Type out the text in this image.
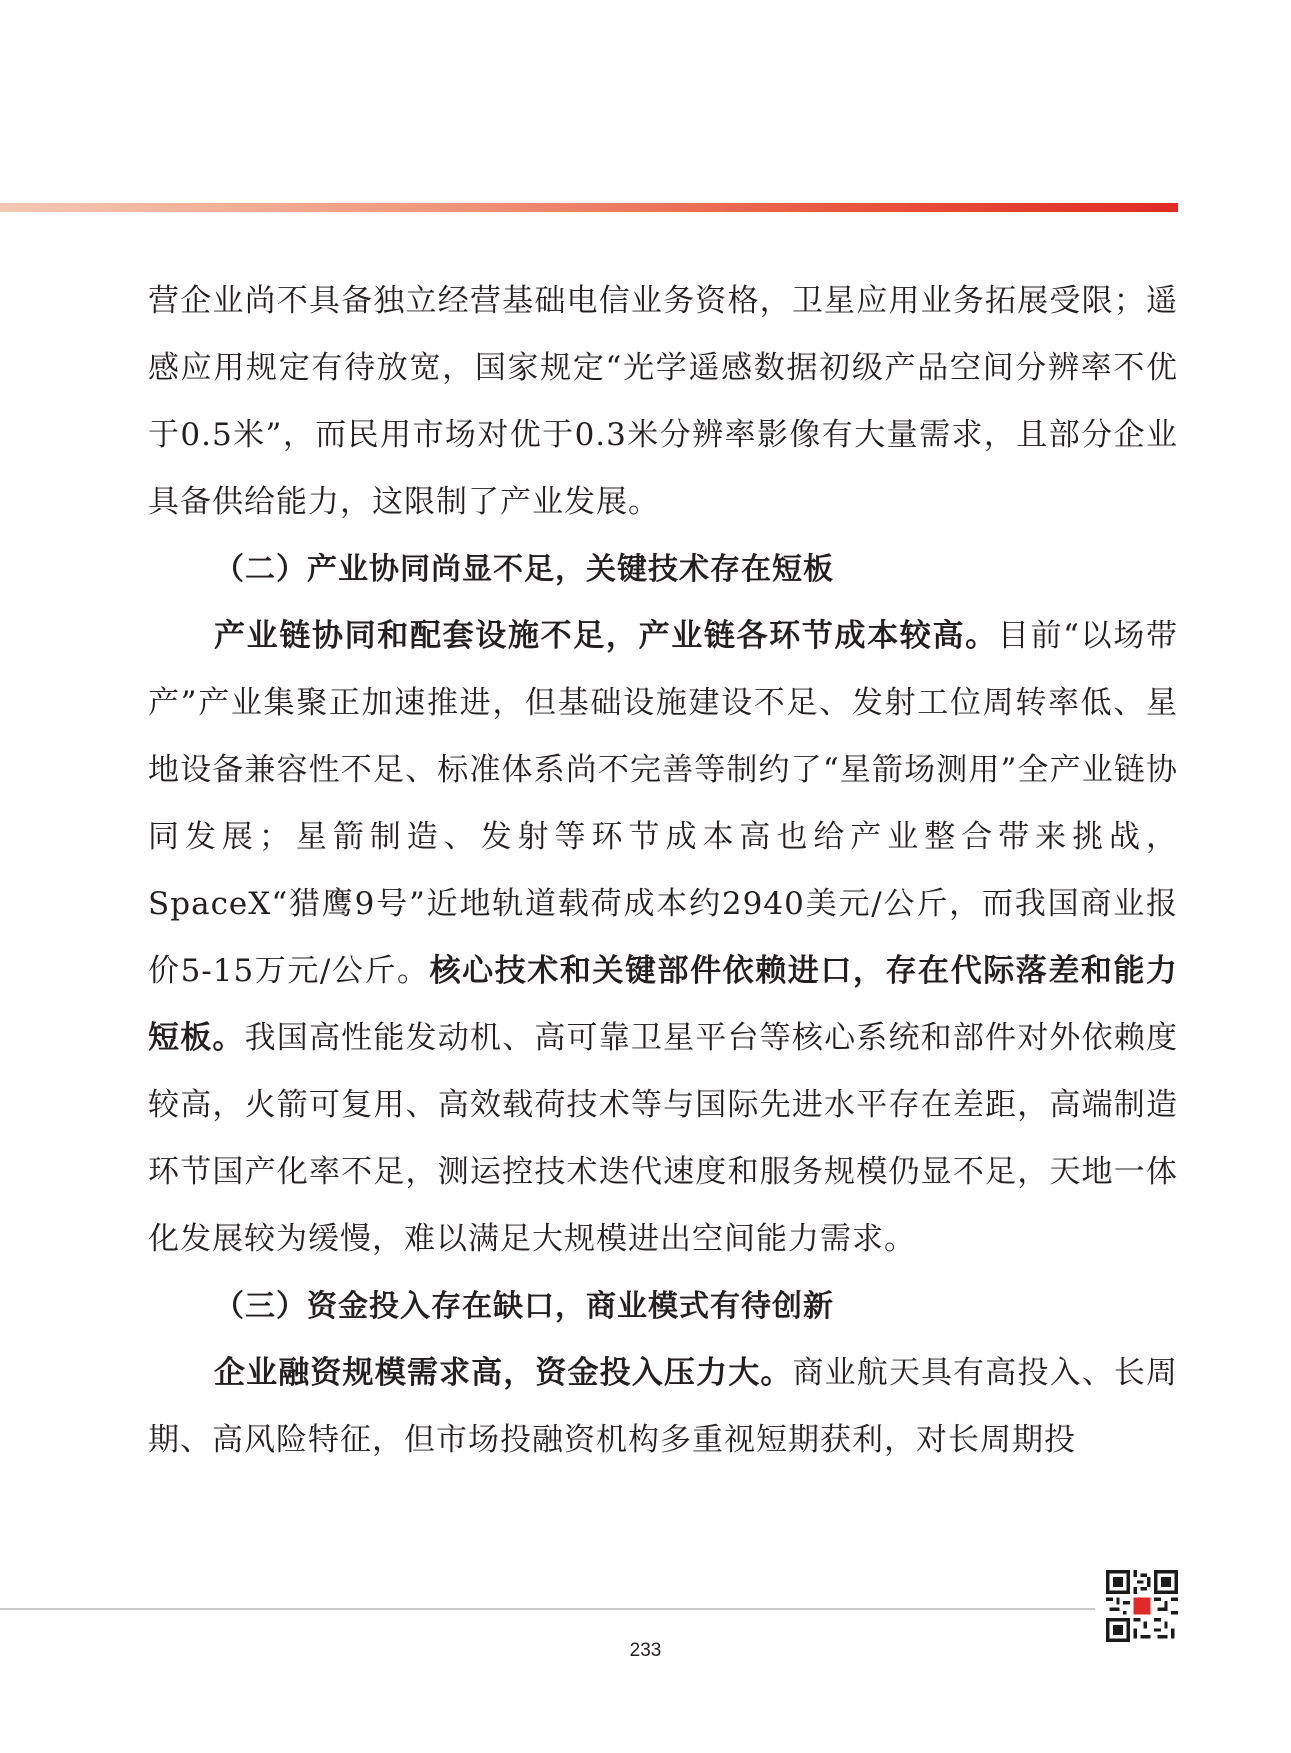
营企业尚不具备独立经营基础电信业务资格，卫星应用业务拓展受限；遥感应用规定有待放宽，国家规定“光学遥感数据初级产品空间分辨率不优于0.5米”，而民用市场对优于0.3米分辨率影像有大量需求，且部分企业具备供给能力，这限制了产业发展。

（二）产业协同尚显不足，关键技术存在短板

产业链协同和配套设施不足，产业链各环节成本较高。目前“以场带产”产业集聚正加速推进，但基础设施建设不足、发射工位周转率低、星地设备兼容性不足、标准体系尚不完善等制约了“星箭场测用”全产业链协同发展；星箭制造、发射等环节成本高也给产业整合带来挑战，SpaceX“猎鹰9号”近地轨道载荷成本约2940美元/公斤，而我国商业报价5-15万元/公斤。核心技术和关键部件依赖进口，存在代际落差和能力短板。我国高性能发动机、高可靠卫星平台等核心系统和部件对外依赖度较高，火箭可复用、高效载荷技术等与国际先进水平存在差距，高端制造环节国产化率不足，测运控技术迭代速度和服务规模仍显不足，天地一体化发展较为缓慢，难以满足大规模进出空间能力需求。

（三）资金投入存在缺口，商业模式有待创新

企业融资规模需求高，资金投入压力大。商业航天具有高投入、长周期、高风险特征，但市场投融资机构多重视短期获利，对长周期投

233
